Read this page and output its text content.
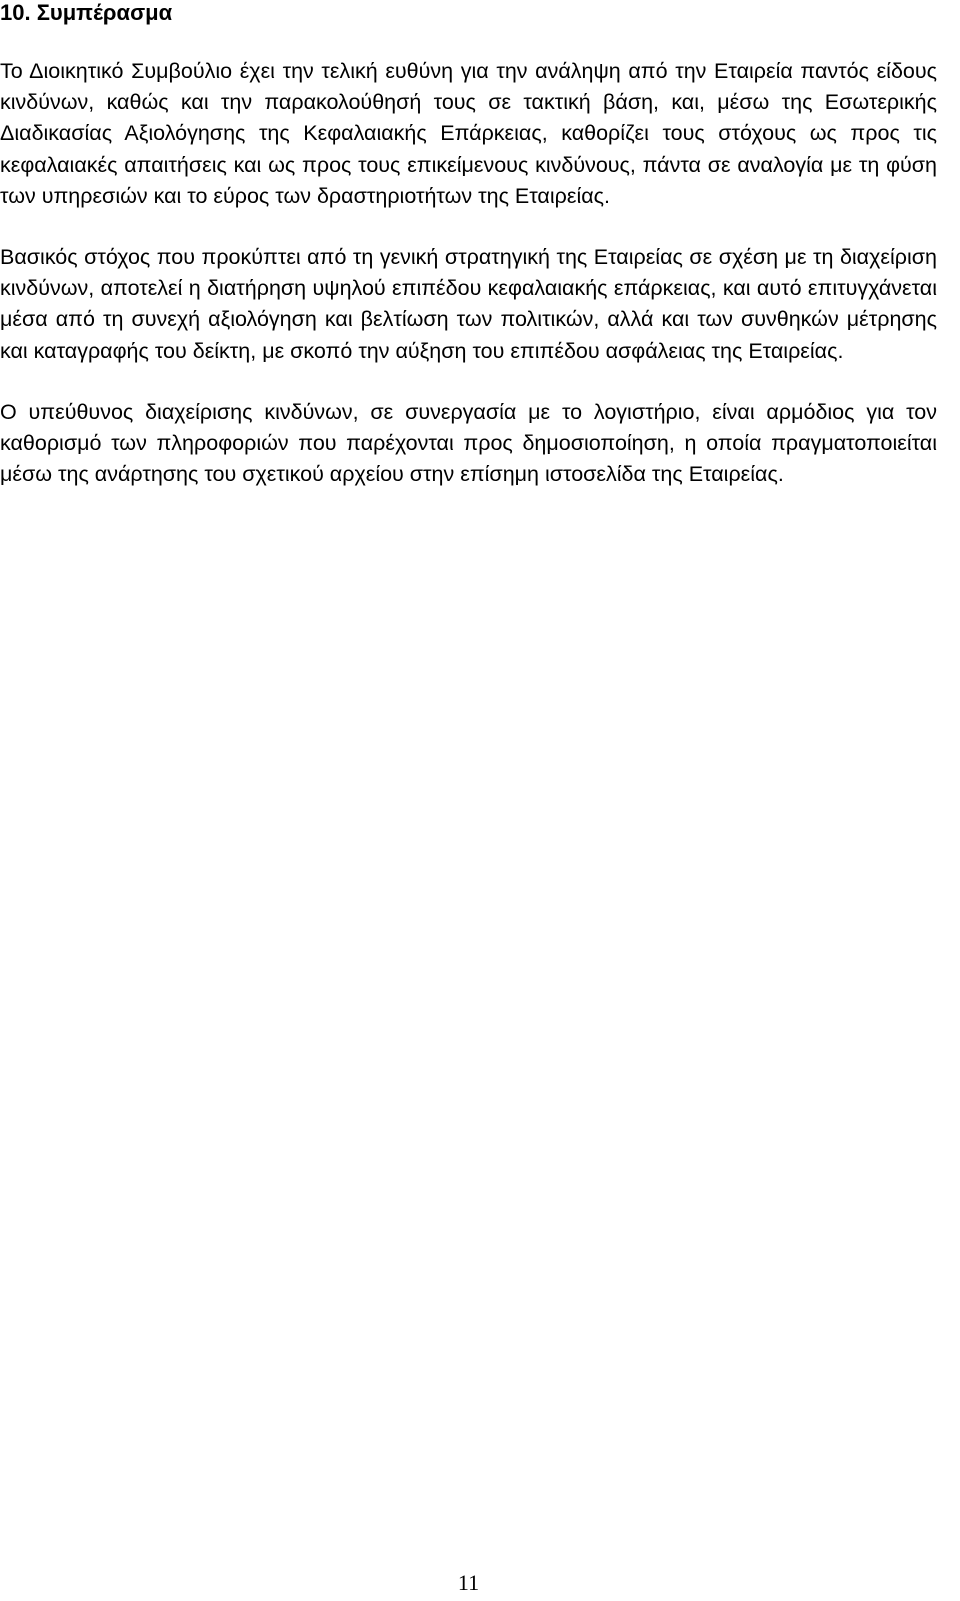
10. Συμπέρασμα

Το Διοικητικό Συμβούλιο έχει την τελική ευθύνη για την ανάληψη από την Εταιρεία παντός είδους κινδύνων, καθώς και την παρακολούθησή τους σε τακτική βάση, και, μέσω της Εσωτερικής Διαδικασίας Αξιολόγησης της Κεφαλαιακής Επάρκειας, καθορίζει τους στόχους ως προς τις κεφαλαιακές απαιτήσεις και ως προς τους επικείμενους κινδύνους, πάντα σε αναλογία με τη φύση των υπηρεσιών και το εύρος των δραστηριοτήτων της Εταιρείας.

Βασικός στόχος που προκύπτει από τη γενική στρατηγική της Εταιρείας σε σχέση με τη διαχείριση κινδύνων, αποτελεί η διατήρηση υψηλού επιπέδου κεφαλαιακής επάρκειας, και αυτό επιτυγχάνεται μέσα από τη συνεχή αξιολόγηση και βελτίωση των πολιτικών, αλλά και των συνθηκών μέτρησης και καταγραφής του δείκτη, με σκοπό την αύξηση του επιπέδου ασφάλειας της Εταιρείας.

Ο υπεύθυνος διαχείρισης κινδύνων, σε συνεργασία με το λογιστήριο, είναι αρμόδιος για τον καθορισμό των πληροφοριών που παρέχονται προς δημοσιοποίηση, η οποία πραγματοποιείται μέσω της ανάρτησης του σχετικού αρχείου στην επίσημη ιστοσελίδα της Εταιρείας.

11
